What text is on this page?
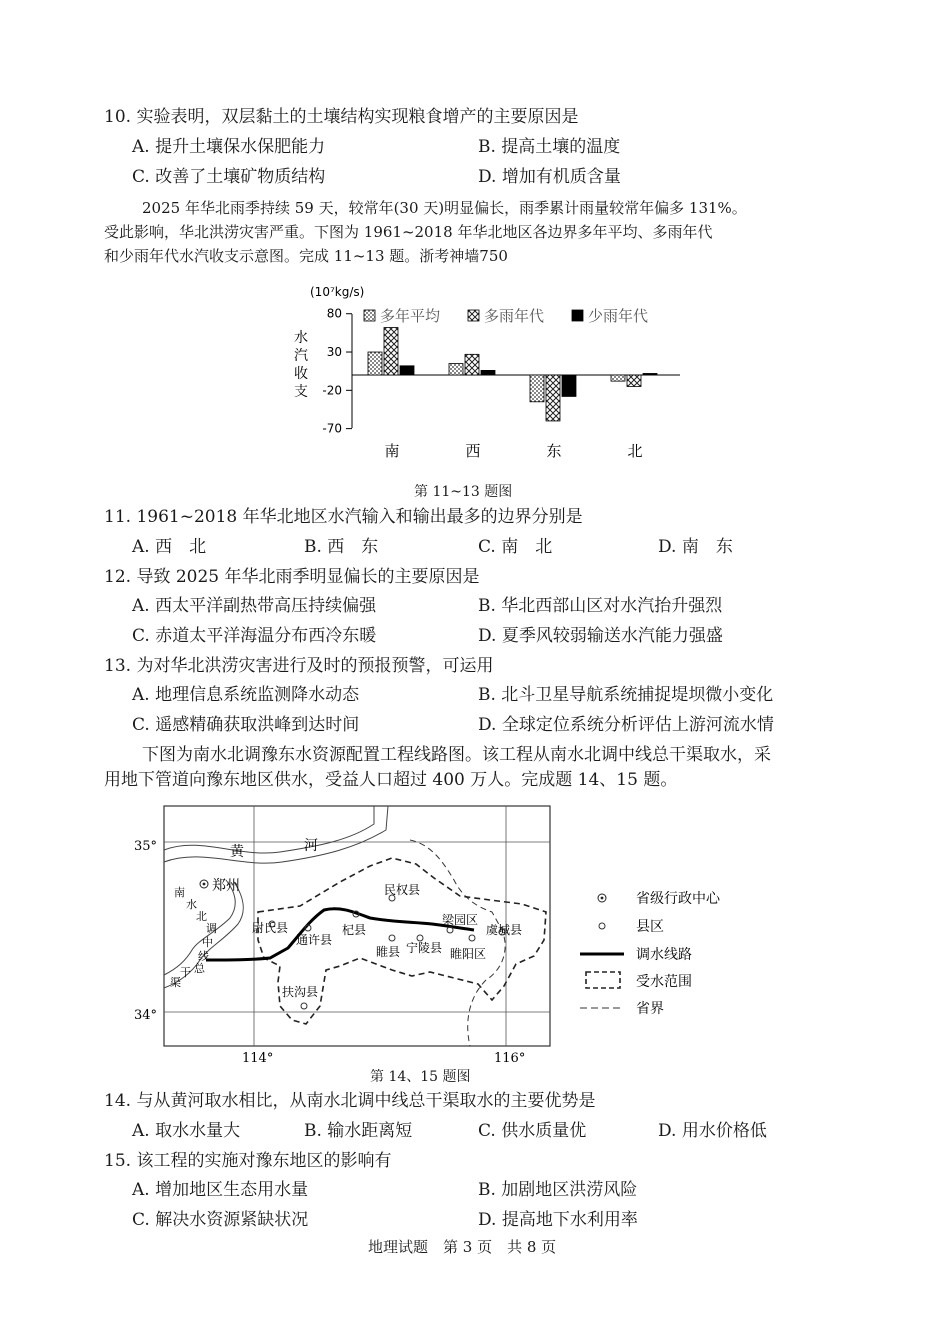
10. 实验表明，双层黏土的土壤结构实现粮食增产的主要原因是
A. 提升土壤保水保肥能力	B. 提高土壤的温度
C. 改善了土壤矿物质结构	D. 增加有机质含量
2025 年华北雨季持续 59 天，较常年(30 天)明显偏长，雨季累计雨量较常年偏多 131%。
受此影响，华北洪涝灾害严重。下图为 1961~2018 年华北地区各边界多年平均、多雨年代
和少雨年代水汽收支示意图。完成 11~13 题。浙考神墙750
(10⁷kg/s)
水
汽
收
支
80
30
-20
-70
南	西	东	北
多年平均	多雨年代	少雨年代
第 11~13 题图
11. 1961~2018 年华北地区水汽输入和输出最多的边界分别是
A. 西　北	B. 西　东	C. 南　北	D. 南　东
12. 导致 2025 年华北雨季明显偏长的主要原因是
A. 西太平洋副热带高压持续偏强	B. 华北西部山区对水汽抬升强烈
C. 赤道太平洋海温分布西冷东暖	D. 夏季风较弱输送水汽能力强盛
13. 为对华北洪涝灾害进行及时的预报预警，可运用
A. 地理信息系统监测降水动态	B. 北斗卫星导航系统捕捉堤坝微小变化
C. 遥感精确获取洪峰到达时间	D. 全球定位系统分析评估上游河流水情
下图为南水北调豫东水资源配置工程线路图。该工程从南水北调中线总干渠取水，采
用地下管道向豫东地区供水，受益人口超过 400 万人。完成题 14、15 题。
35°
34°
114°	116°
黄	河
郑州
南
水
北
调
中
线
总
干
渠
尉氏县
通许县
杞县
民权县
睢县 宁陵县 睢阳区
梁园区
虞城县
扶沟县
省级行政中心
县区
调水线路
受水范围
省界
第 14、15 题图
14. 与从黄河取水相比，从南水北调中线总干渠取水的主要优势是
A. 取水水量大	B. 输水距离短	C. 供水质量优	D. 用水价格低
15. 该工程的实施对豫东地区的影响有
A. 增加地区生态用水量	B. 加剧地区洪涝风险
C. 解决水资源紧缺状况	D. 提高地下水利用率
地理试题　第 3 页　共 8 页
